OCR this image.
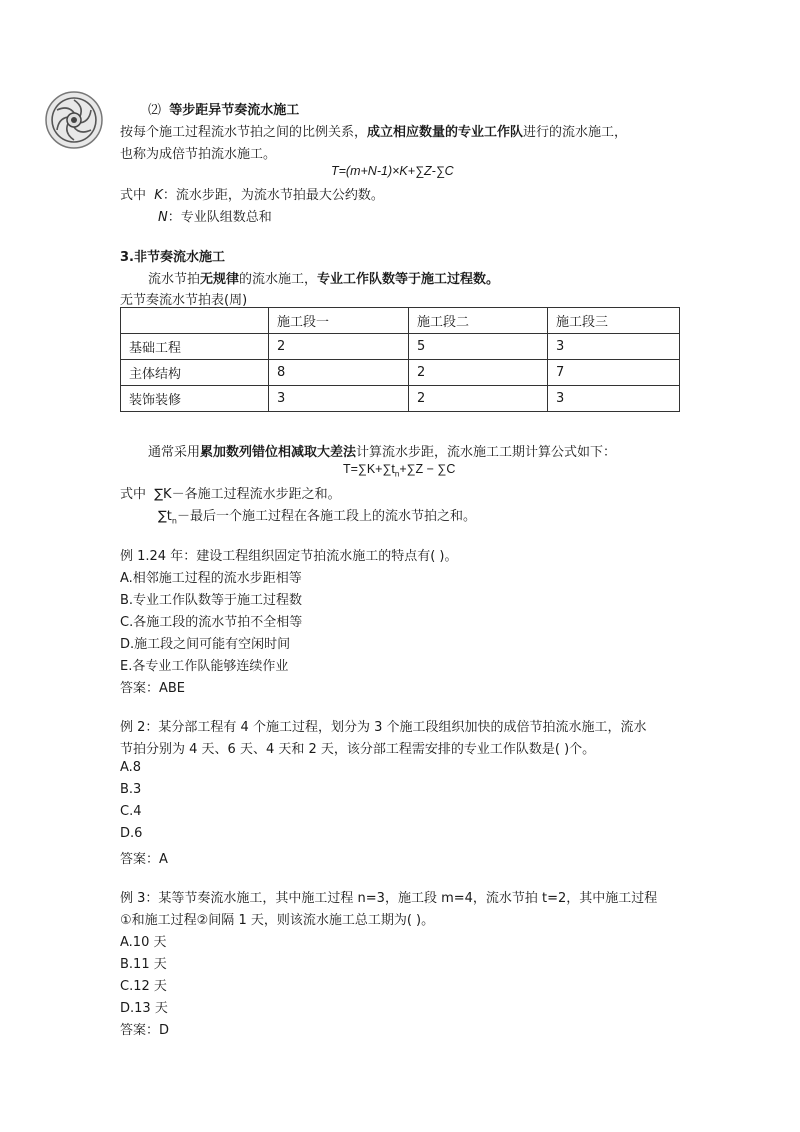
⑵ 等步距异节奏流水施工
按每个施工过程流水节拍之间的比例关系，成立相应数量的专业工作队进行的流水施工，
也称为成倍节拍流水施工。
T=(m+N-1)×K+∑Z-∑C
式中 K：流水步距，为流水节拍最大公约数。
N：专业队组数总和
3.非节奏流水施工
流水节拍无规律的流水施工，专业工作队数等于施工过程数。
无节奏流水节拍表(周)
	施工段一	施工段二	施工段三
基础工程	2	5	3
主体结构	8	2	7
装饰装修	3	2	3
通常采用累加数列错位相减取大差法计算流水步距，流水施工工期计算公式如下：
$T=\sum K+\sum t_n+\sum Z - \sum C$
式中 ∑K－各施工过程流水步距之和。
$\sum t_n-$最后一个施工过程在各施工段上的流水节拍之和。
例 1.24 年：建设工程组织固定节拍流水施工的特点有( )。
A.相邻施工过程的流水步距相等
B.专业工作队数等于施工过程数
C.各施工段的流水节拍不全相等
D.施工段之间可能有空闲时间
E.各专业工作队能够连续作业
答案：ABE
例 2：某分部工程有 4 个施工过程，划分为 3 个施工段组织加快的成倍节拍流水施工，流水
节拍分别为 4 天、6 天、4 天和 2 天，该分部工程需安排的专业工作队数是( )个。
A.8
B.3
C.4
D.6
答案：A
例 3：某等节奏流水施工，其中施工过程 n=3，施工段 m=4，流水节拍 t=2，其中施工过程
①和施工过程②间隔 1 天，则该流水施工总工期为( )。
A.10 天
B.11 天
C.12 天
D.13 天
答案：D
